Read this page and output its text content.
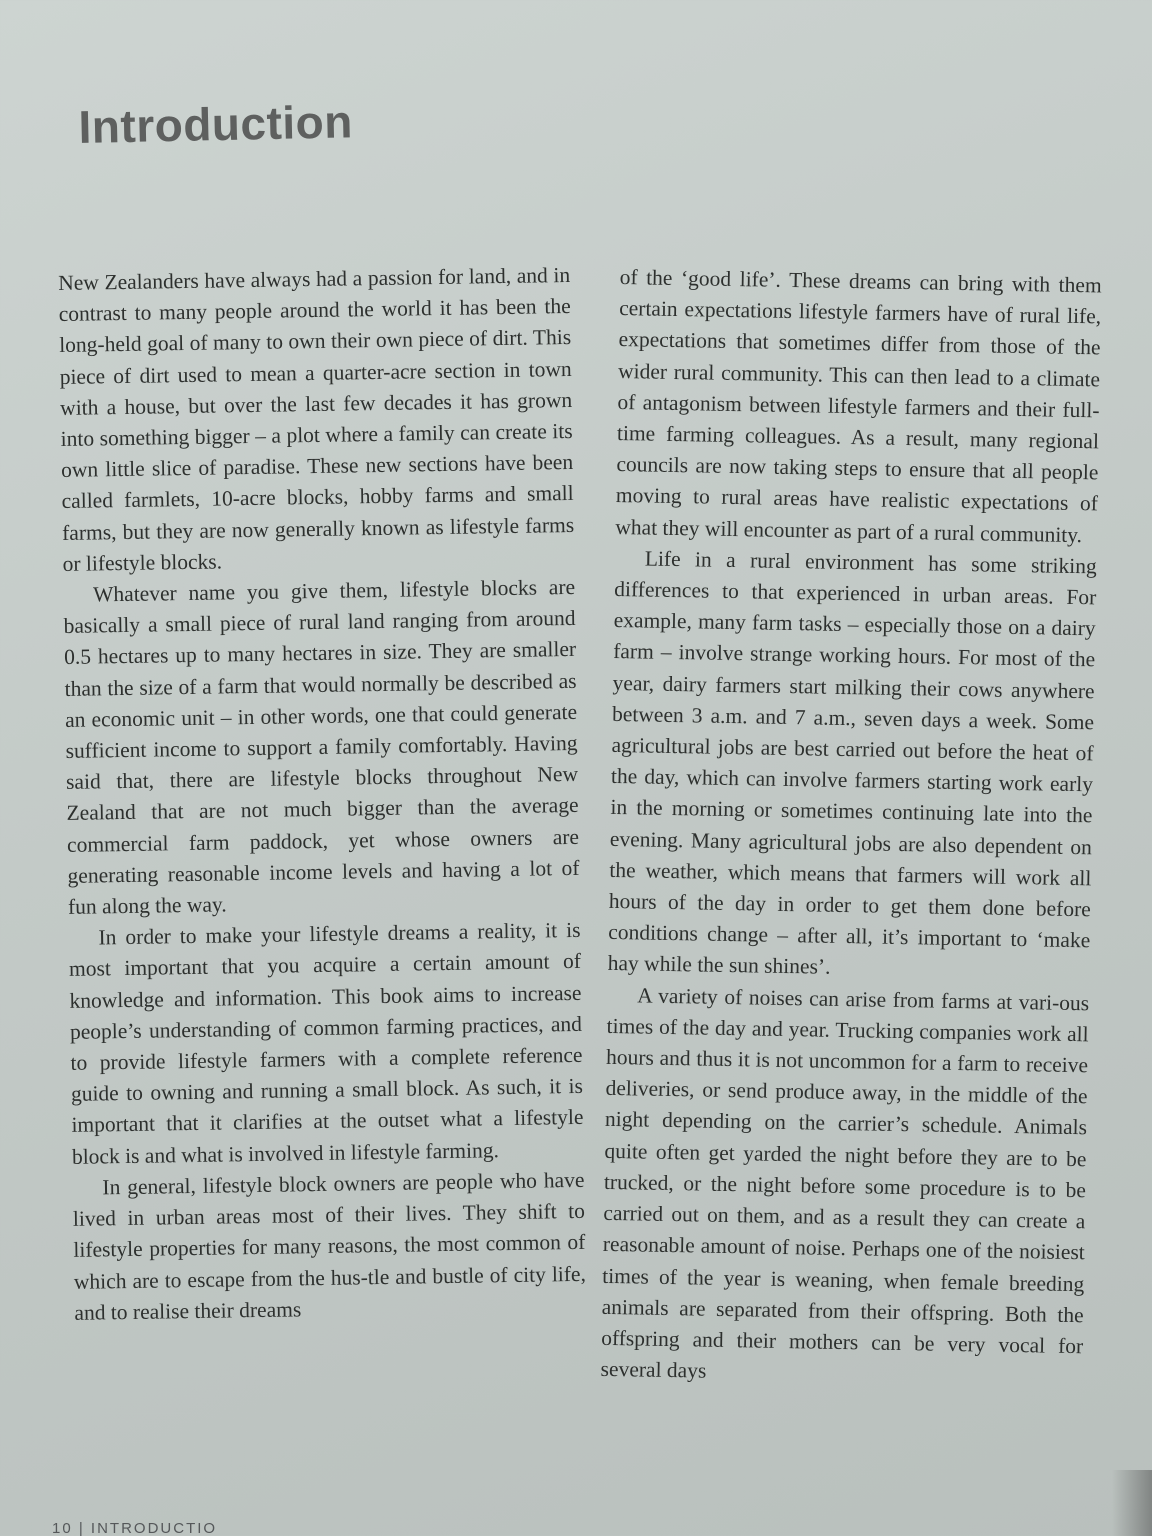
Introduction

New Zealanders have always had a passion for land, and in contrast to many people around the world it has been the long-held goal of many to own their own piece of dirt. This piece of dirt used to mean a quarter-acre section in town with a house, but over the last few decades it has grown into something bigger – a plot where a family can create its own little slice of paradise. These new sections have been called farmlets, 10-acre blocks, hobby farms and small farms, but they are now generally known as lifestyle farms or lifestyle blocks.

Whatever name you give them, lifestyle blocks are basically a small piece of rural land ranging from around 0.5 hectares up to many hectares in size. They are smaller than the size of a farm that would normally be described as an economic unit – in other words, one that could generate sufficient income to support a family comfortably. Having said that, there are lifestyle blocks throughout New Zealand that are not much bigger than the average commercial farm paddock, yet whose owners are generating reasonable income levels and having a lot of fun along the way.

In order to make your lifestyle dreams a reality, it is most important that you acquire a certain amount of knowledge and information. This book aims to increase people’s understanding of common farming practices, and to provide lifestyle farmers with a complete reference guide to owning and running a small block. As such, it is important that it clarifies at the outset what a lifestyle block is and what is involved in lifestyle farming.

In general, lifestyle block owners are people who have lived in urban areas most of their lives. They shift to lifestyle properties for many reasons, the most common of which are to escape from the hus-tle and bustle of city life, and to realise their dreams

of the ‘good life’. These dreams can bring with them certain expectations lifestyle farmers have of rural life, expectations that sometimes differ from those of the wider rural community. This can then lead to a climate of antagonism between lifestyle farmers and their full-time farming colleagues. As a result, many regional councils are now taking steps to ensure that all people moving to rural areas have realistic expectations of what they will encounter as part of a rural community.

Life in a rural environment has some striking differences to that experienced in urban areas. For example, many farm tasks – especially those on a dairy farm – involve strange working hours. For most of the year, dairy farmers start milking their cows anywhere between 3 a.m. and 7 a.m., seven days a week. Some agricultural jobs are best carried out before the heat of the day, which can involve farmers starting work early in the morning or sometimes continuing late into the evening. Many agricultural jobs are also dependent on the weather, which means that farmers will work all hours of the day in order to get them done before conditions change – after all, it’s important to ‘make hay while the sun shines’.

A variety of noises can arise from farms at vari-ous times of the day and year. Trucking companies work all hours and thus it is not uncommon for a farm to receive deliveries, or send produce away, in the middle of the night depending on the carrier’s schedule. Animals quite often get yarded the night before they are to be trucked, or the night before some procedure is to be carried out on them, and as a result they can create a reasonable amount of noise. Perhaps one of the noisiest times of the year is weaning, when female breeding animals are separated from their offspring. Both the offspring and their mothers can be very vocal for several days

10 | INTRODUCTIO
